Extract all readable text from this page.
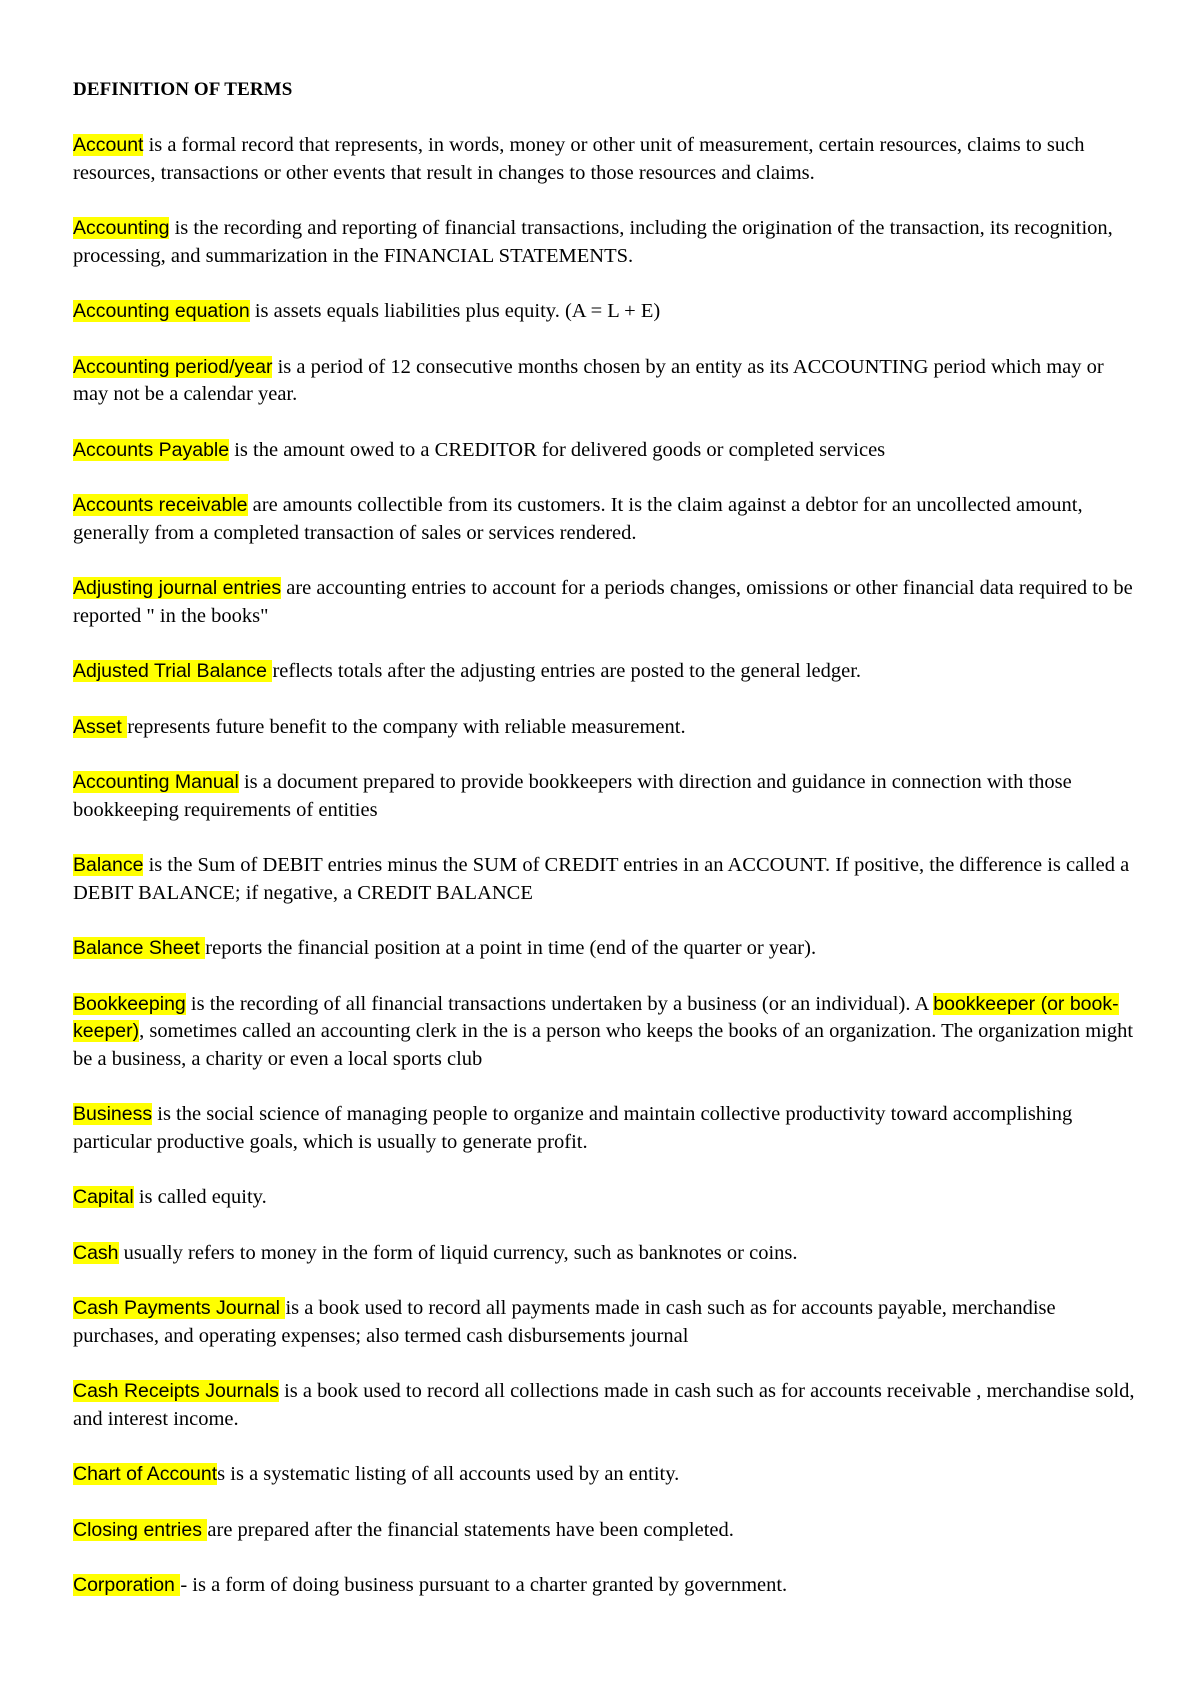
DEFINITION OF TERMS

Account is a formal record that represents, in words, money or other unit of measurement, certain resources, claims to such resources, transactions or other events that result in changes to those resources and claims.

Accounting is the recording and reporting of financial transactions, including the origination of the transaction, its recognition, processing, and summarization in the FINANCIAL STATEMENTS.

Accounting equation is assets equals liabilities plus equity. (A = L + E)

Accounting period/year is a period of 12 consecutive months chosen by an entity as its ACCOUNTING period which may or may not be a calendar year.

Accounts Payable is the amount owed to a CREDITOR for delivered goods or completed services

Accounts receivable are amounts collectible from its customers. It is the claim against a debtor for an uncollected amount, generally from a completed transaction of sales or services rendered.

Adjusting journal entries are accounting entries to account for a periods changes, omissions or other financial data required to be reported " in the books"

Adjusted Trial Balance reflects totals after the adjusting entries are posted to the general ledger.

Asset represents future benefit to the company with reliable measurement.

Accounting Manual is a document prepared to provide bookkeepers with direction and guidance in connection with those bookkeeping requirements of entities

Balance is the Sum of DEBIT entries minus the SUM of CREDIT entries in an ACCOUNT. If positive, the difference is called a DEBIT BALANCE; if negative, a CREDIT BALANCE

Balance Sheet reports the financial position at a point in time (end of the quarter or year).

Bookkeeping is the recording of all financial transactions undertaken by a business (or an individual). A bookkeeper (or book-keeper), sometimes called an accounting clerk in the is a person who keeps the books of an organization. The organization might be a business, a charity or even a local sports club

Business is the social science of managing people to organize and maintain collective productivity toward accomplishing particular productive goals, which is usually to generate profit.

Capital is called equity.

Cash usually refers to money in the form of liquid currency, such as banknotes or coins.

Cash Payments Journal is a book used to record all payments made in cash such as for accounts payable, merchandise purchases, and operating expenses; also termed cash disbursements journal

Cash Receipts Journals is a book used to record all collections made in cash such as for accounts receivable , merchandise sold, and interest income.

Chart of Accounts is a systematic listing of all accounts used by an entity.

Closing entries are prepared after the financial statements have been completed.

Corporation - is a form of doing business pursuant to a charter granted by government.
